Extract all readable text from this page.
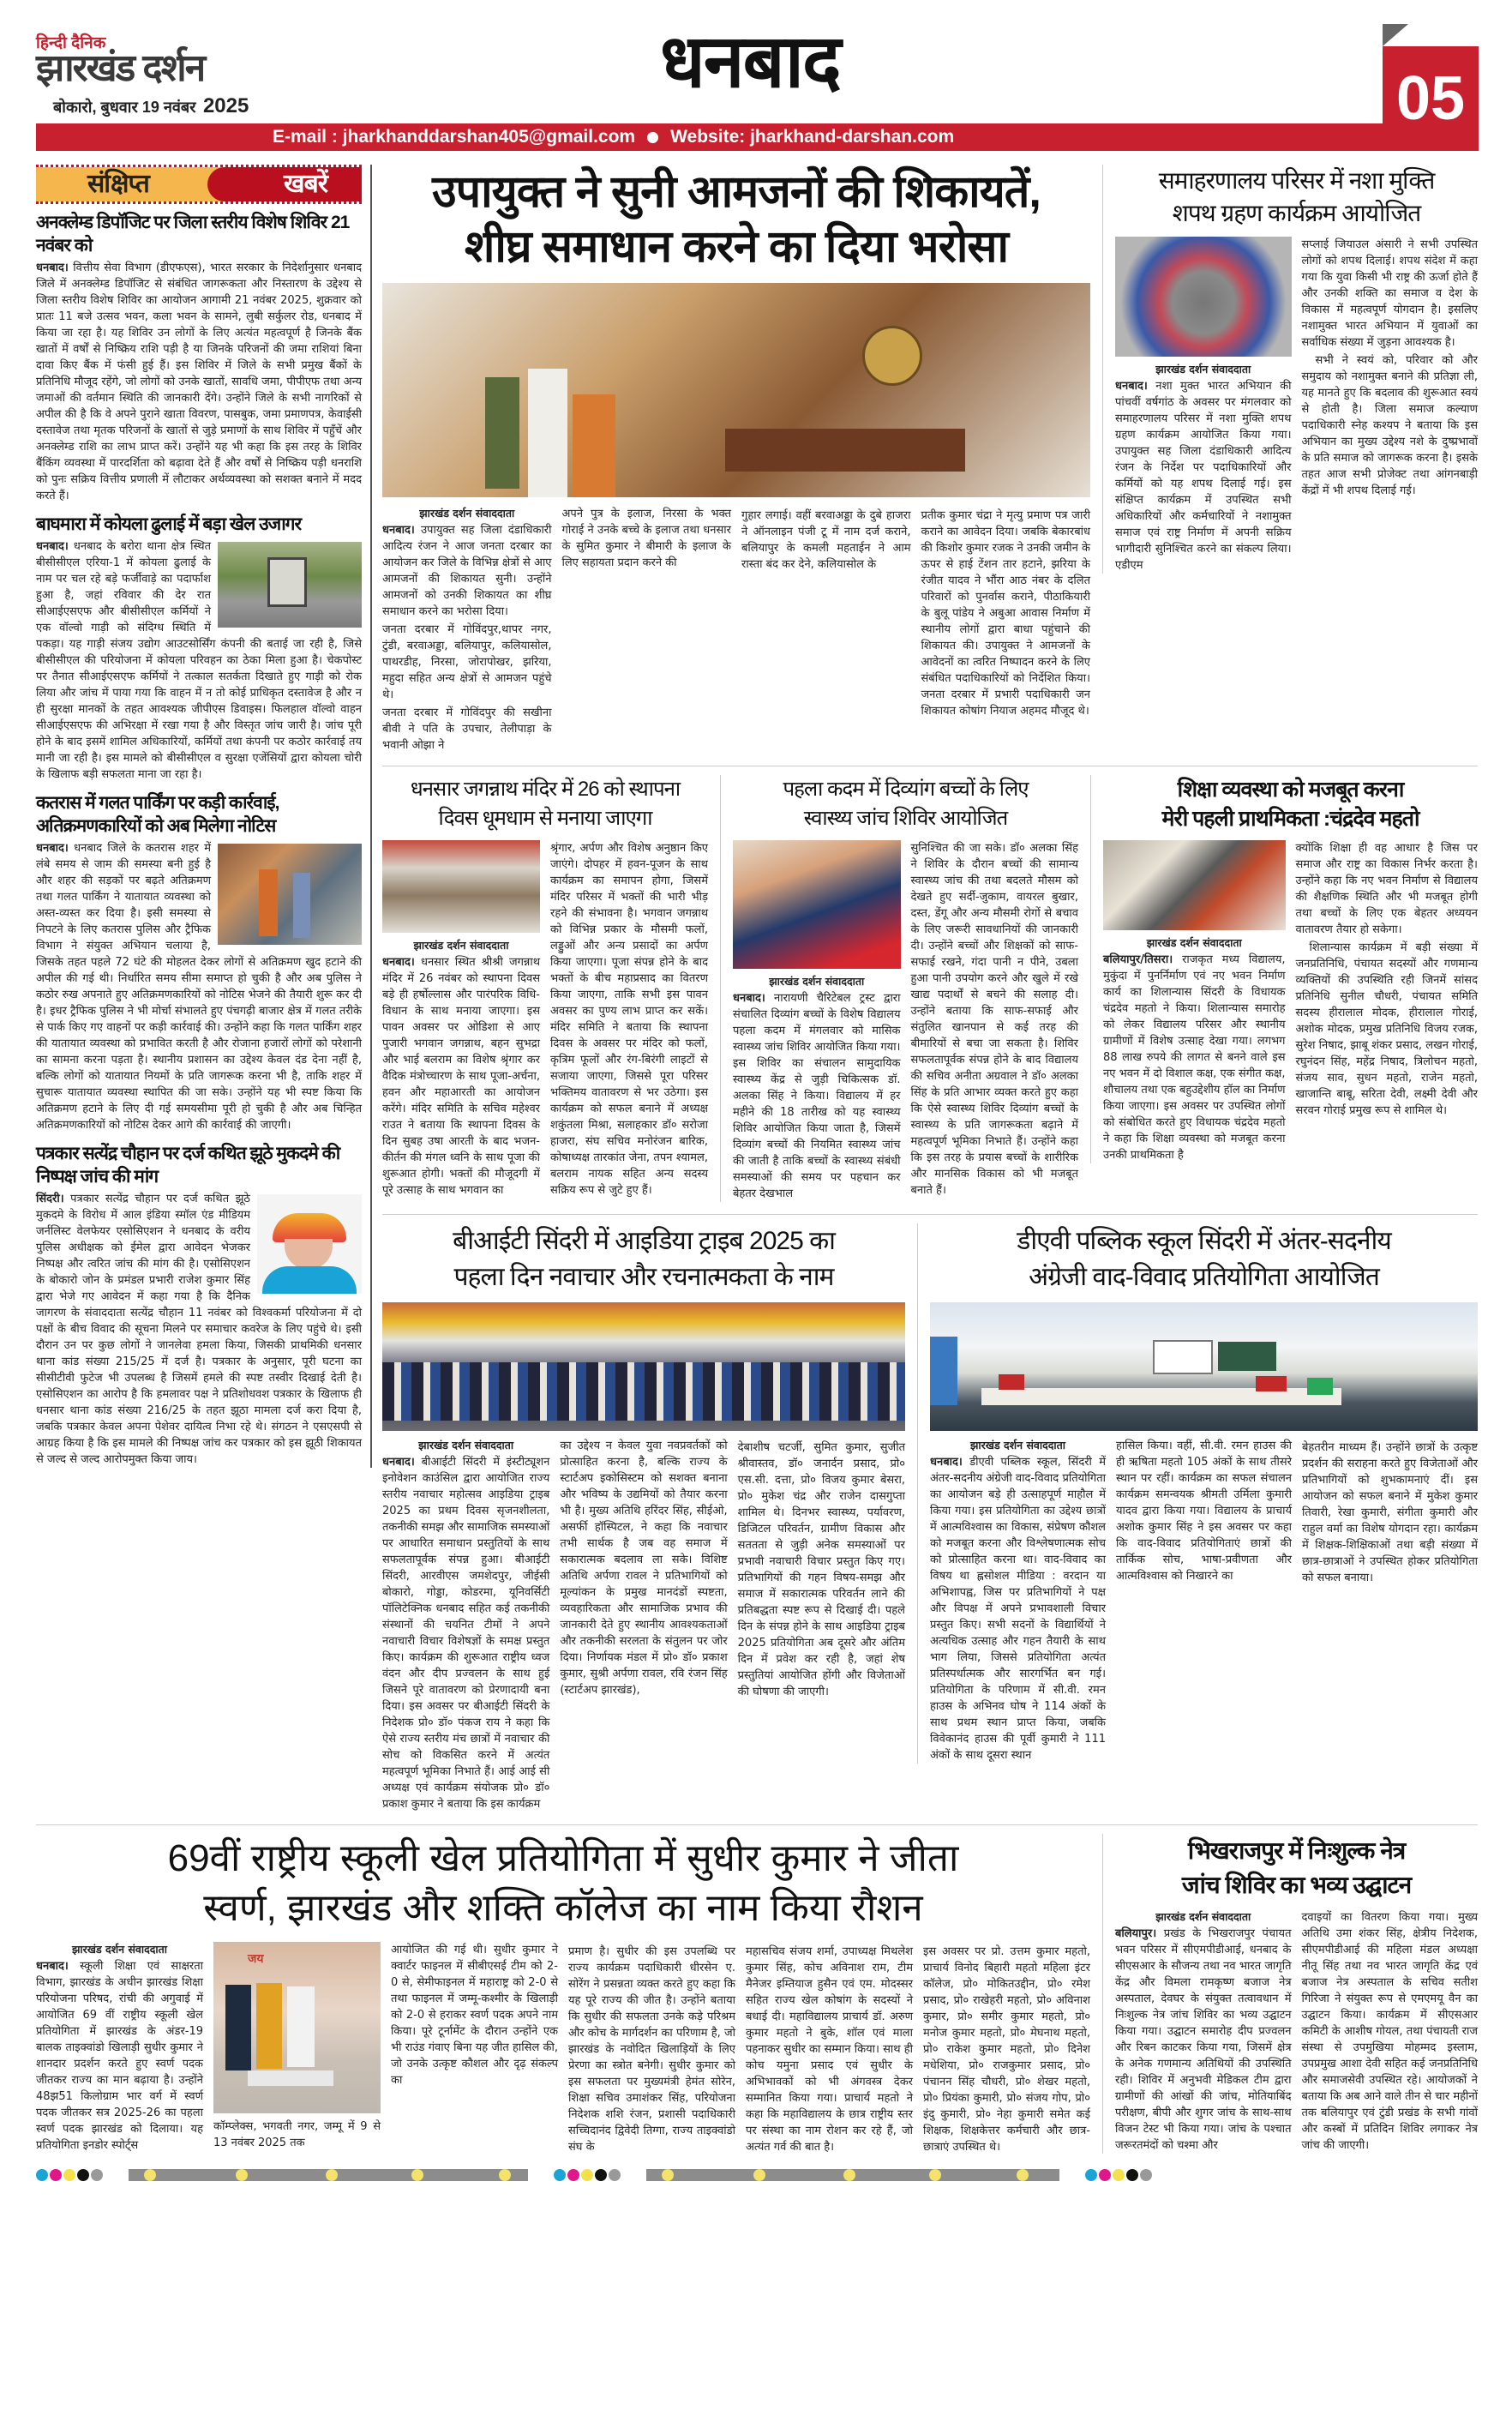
हिन्दी दैनिक
झारखंड दर्शन
बोकारो, बुधवार 19 नवंबर 2025
धनबाद
E-mail : jharkhanddarshan405@gmail.com Website: jharkhand-darshan.com
05
संक्षिप्त	खबरें
अनक्लेम्ड डिपॉजिट पर जिला स्तरीय विशेष शिविर 21 नवंबर को
धनबाद। वित्तीय सेवा विभाग (डीएफएस), भारत सरकार के निदेर्शानुसार धनबाद जिले में अनक्लेम्ड डिपॉजिट से संबंधित जागरूकता और निस्तारण के उद्देश्य से जिला स्तरीय विशेष शिविर का आयोजन आगामी 21 नवंबर 2025, शुक्रवार को प्रातः 11 बजे उत्सव भवन, कला भवन के सामने, लुबी सर्कुलर रोड, धनबाद में किया जा रहा है। यह शिविर उन लोगों के लिए अत्यंत महत्वपूर्ण है जिनके बैंक खातों में वर्षों से निष्क्रिय राशि पड़ी है या जिनके परिजनों की जमा राशियां बिना दावा किए बैंक में फंसी हुई हैं। इस शिविर में जिले के सभी प्रमुख बैंकों के प्रतिनिधि मौजूद रहेंगे, जो लोगों को उनके खातों, सावधि जमा, पीपीएफ तथा अन्य जमाओं की वर्तमान स्थिति की जानकारी देंगे। उन्होंने जिले के सभी नागरिकों से अपील की है कि वे अपने पुराने खाता विवरण, पासबुक, जमा प्रमाणपत्र, केवाईसी दस्तावेज तथा मृतक परिजनों के खातों से जुड़े प्रमाणों के साथ शिविर में पहुँचें और अनक्लेम्ड राशि का लाभ प्राप्त करें। उन्होंने यह भी कहा कि इस तरह के शिविर बैंकिंग व्यवस्था में पारदर्शिता को बढ़ावा देते हैं और वर्षों से निष्क्रिय पड़ी धनराशि को पुनः सक्रिय वित्तीय प्रणाली में लौटाकर अर्थव्यवस्था को सशक्त बनाने में मदद करते हैं।
बाघमारा में कोयला ढुलाई में बड़ा खेल उजागर
धनबाद। धनबाद के बरोरा थाना क्षेत्र स्थित बीसीसीएल एरिया-1 में कोयला ढुलाई के नाम पर चल रहे बड़े फर्जीवाड़े का पदार्फाश हुआ है, जहां रविवार की देर रात सीआईएसएफ और बीसीसीएल कर्मियों ने एक वॉल्वो गाड़ी को संदिग्ध स्थिति में पकड़ा। यह गाड़ी संजय उद्योग आउटसोर्सिंग कंपनी की बताई जा रही है, जिसे बीसीसीएल की परियोजना में कोयला परिवहन का ठेका मिला हुआ है। चेकपोस्ट पर तैनात सीआईएसएफ कर्मियों ने तत्काल सतर्कता दिखाते हुए गाड़ी को रोक लिया और जांच में पाया गया कि वाहन में न तो कोई प्राधिकृत दस्तावेज है और न ही सुरक्षा मानकों के तहत आवश्यक जीपीएस डिवाइस। फिलहाल वॉल्वो वाहन सीआईएसएफ की अभिरक्षा में रखा गया है और विस्तृत जांच जारी है। जांच पूरी होने के बाद इसमें शामिल अधिकारियों, कर्मियों तथा कंपनी पर कठोर कार्रवाई तय मानी जा रही है। इस मामले को बीसीसीएल व सुरक्षा एजेंसियों द्वारा कोयला चोरी के खिलाफ बड़ी सफलता माना जा रहा है।
कतरास में गलत पार्किंग पर कड़ी कार्रवाई, अतिक्रमणकारियों को अब मिलेगा नोटिस
धनबाद। धनबाद जिले के कतरास शहर में लंबे समय से जाम की समस्या बनी हुई है और शहर की सड़कों पर बढ़ते अतिक्रमण तथा गलत पार्किंग ने यातायात व्यवस्था को अस्त-व्यस्त कर दिया है। इसी समस्या से निपटने के लिए कतरास पुलिस और ट्रैफिक विभाग ने संयुक्त अभियान चलाया है, जिसके तहत पहले 72 घंटे की मोहलत देकर लोगों से अतिक्रमण खुद हटाने की अपील की गई थी। निर्धारित समय सीमा समाप्त हो चुकी है और अब पुलिस ने कठोर रुख अपनाते हुए अतिक्रमणकारियों को नोटिस भेजने की तैयारी शुरू कर दी है। इधर ट्रैफिक पुलिस ने भी मोर्चा संभालते हुए पंचगढ़ी बाजार क्षेत्र में गलत तरीके से पार्क किए गए वाहनों पर कड़ी कार्रवाई की। उन्होंने कहा कि गलत पार्किंग शहर की यातायात व्यवस्था को प्रभावित करती है और रोजाना हजारों लोगों को परेशानी का सामना करना पड़ता है। स्थानीय प्रशासन का उद्देश्य केवल दंड देना नहीं है, बल्कि लोगों को यातायात नियमों के प्रति जागरूक करना भी है, ताकि शहर में सुचारू यातायात व्यवस्था स्थापित की जा सके। उन्होंने यह भी स्पष्ट किया कि अतिक्रमण हटाने के लिए दी गई समयसीमा पूरी हो चुकी है और अब चिन्हित अतिक्रमणकारियों को नोटिस देकर आगे की कार्रवाई की जाएगी।
पत्रकार सत्येंद्र चौहान पर दर्ज कथित झूठे मुकदमे की निष्पक्ष जांच की मांग
सिंदरी। पत्रकार सत्येंद्र चौहान पर दर्ज कथित झूठे मुकदमे के विरोध में आल इंडिया स्मॉल एंड मीडियम जर्नलिस्ट वेलफेयर एसोसिएशन ने धनबाद के वरीय पुलिस अधीक्षक को ईमेल द्वारा आवेदन भेजकर निष्पक्ष और त्वरित जांच की मांग की है। एसोसिएशन के बोकारो जोन के प्रमंडल प्रभारी राजेश कुमार सिंह द्वारा भेजे गए आवेदन में कहा गया है कि दैनिक जागरण के संवाददाता सत्येंद्र चौहान 11 नवंबर को विश्वकर्मा परियोजना में दो पक्षों के बीच विवाद की सूचना मिलने पर समाचार कवरेज के लिए पहुंचे थे। इसी दौरान उन पर कुछ लोगों ने जानलेवा हमला किया, जिसकी प्राथमिकी धनसार थाना कांड संख्या 215/25 में दर्ज है। पत्रकार के अनुसार, पूरी घटना का सीसीटीवी फुटेज भी उपलब्ध है जिसमें हमले की स्पष्ट तस्वीर दिखाई देती है। एसोसिएशन का आरोप है कि हमलावर पक्ष ने प्रतिशोधवश पत्रकार के खिलाफ ही धनसार थाना कांड संख्या 216/25 के तहत झूठा मामला दर्ज करा दिया है, जबकि पत्रकार केवल अपना पेशेवर दायित्व निभा रहे थे। संगठन ने एसएसपी से आग्रह किया है कि इस मामले की निष्पक्ष जांच कर पत्रकार को इस झूठी शिकायत से जल्द से जल्द आरोपमुक्त किया जाय।
उपायुक्त ने सुनी आमजनों की शिकायतें,
शीघ्र समाधान करने का दिया भरोसा
झारखंड दर्शन संवाददाता
धनबाद। उपायुक्त सह जिला दंडाधिकारी आदित्य रंजन ने आज जनता दरबार का आयोजन कर जिले के विभिन्न क्षेत्रों से आए आमजनों की शिकायत सुनी। उन्होंने आमजनों को उनकी शिकायत का शीघ्र समाधान करने का भरोसा दिया।
जनता दरबार में गोविंदपुर,थापर नगर, टुंडी, बरवाअड्डा, बलियापुर, कलियासोल, पाथरडीह, निरसा, जोरापोखर, झरिया, महुदा सहित अन्य क्षेत्रों से आमजन पहुंचे थे।
जनता दरबार में गोविंदपुर की सखीना बीवी ने पति के उपचार, तेलीपाड़ा के भवानी ओझा ने
अपने पुत्र के इलाज, निरसा के भक्त गोराई ने उनके बच्चे के इलाज तथा धनसार के सुमित कुमार ने बीमारी के इलाज के लिए सहायता प्रदान करने की
गुहार लगाई। वहीं बरवाअड्डा के दुबे हाजरा ने ऑनलाइन पंजी टू में नाम दर्ज कराने, बलियापुर के कमली महताईन ने आम रास्ता बंद कर देने, कलियासोल के
प्रतीक कुमार चंद्रा ने मृत्यु प्रमाण पत्र जारी कराने का आवेदन दिया। जबकि बेकारबांध की किशोर कुमार रजक ने उनकी जमीन के ऊपर से हाई टेंशन तार हटाने, झरिया के रंजीत यादव ने भौंरा आठ नंबर के दलित परिवारों को पुनर्वास कराने, पीठाकियारी के बुलू पांडेय ने अबुआ आवास निर्माण में स्थानीय लोगों द्वारा बाधा पहुंचाने की शिकायत की। उपायुक्त ने आमजनों के आवेदनों का त्वरित निष्पादन करने के लिए संबंधित पदाधिकारियों को निर्देशित किया। जनता दरबार में प्रभारी पदाधिकारी जन शिकायत कोषांग नियाज अहमद मौजूद थे।
समाहरणालय परिसर में नशा मुक्ति
शपथ ग्रहण कार्यक्रम आयोजित
झारखंड दर्शन संवाददाता
धनबाद। नशा मुक्त भारत अभियान की पांचवीं वर्षगांठ के अवसर पर मंगलवार को समाहरणालय परिसर में नशा मुक्ति शपथ ग्रहण कार्यक्रम आयोजित किया गया। उपायुक्त सह जिला दंडाधिकारी आदित्य रंजन के निर्देश पर पदाधिकारियों और कर्मियों को यह शपथ दिलाई गई। इस संक्षिप्त कार्यक्रम में उपस्थित सभी अधिकारियों और कर्मचारियों ने नशामुक्त समाज एवं राष्ट्र निर्माण में अपनी सक्रिय भागीदारी सुनिश्चित करने का संकल्प लिया। एडीएम
सप्लाई जियाउल अंसारी ने सभी उपस्थित लोगों को शपथ दिलाई। शपथ संदेश में कहा गया कि युवा किसी भी राष्ट्र की ऊर्जा होते हैं और उनकी शक्ति का समाज व देश के विकास में महत्वपूर्ण योगदान है। इसलिए नशामुक्त भारत अभियान में युवाओं का सर्वाधिक संख्या में जुड़ना आवश्यक है।
सभी ने स्वयं को, परिवार को और समुदाय को नशामुक्त बनाने की प्रतिज्ञा ली, यह मानते हुए कि बदलाव की शुरूआत स्वयं से होती है। जिला समाज कल्याण पदाधिकारी स्नेह कश्यप ने बताया कि इस अभियान का मुख्य उद्देश्य नशे के दुष्प्रभावों के प्रति समाज को जागरूक करना है। इसके तहत आज सभी प्रोजेक्ट तथा आंगनबाड़ी केंद्रों में भी शपथ दिलाई गई।
धनसार जगन्नाथ मंदिर में 26 को स्थापना
दिवस धूमधाम से मनाया जाएगा
झारखंड दर्शन संवाददाता
धनबाद। धनसार स्थित श्रीश्री जगन्नाथ मंदिर में 26 नवंबर को स्थापना दिवस बड़े ही हर्षोल्लास और पारंपरिक विधि-विधान के साथ मनाया जाएगा। इस पावन अवसर पर ओडिशा से आए पुजारी भगवान जगन्नाथ, बहन सुभद्रा और भाई बलराम का विशेष श्रृंगार कर वैदिक मंत्रोच्चारण के साथ पूजा-अर्चना, हवन और महाआरती का आयोजन करेंगे। मंदिर समिति के सचिव महेश्वर राउत ने बताया कि स्थापना दिवस के दिन सुबह उषा आरती के बाद भजन-कीर्तन की मंगल ध्वनि के साथ पूजा की शुरूआत होगी। भक्तों की मौजूदगी में पूरे उत्साह के साथ भगवान का
श्रृंगार, अर्पण और विशेष अनुष्ठान किए जाएंगे। दोपहर में हवन-पूजन के साथ कार्यक्रम का समापन होगा, जिसमें मंदिर परिसर में भक्तों की भारी भीड़ रहने की संभावना है। भगवान जगन्नाथ को विभिन्न प्रकार के मौसमी फलों, लड्डुओं और अन्य प्रसादों का अर्पण किया जाएगा। पूजा संपन्न होने के बाद भक्तों के बीच महाप्रसाद का वितरण किया जाएगा, ताकि सभी इस पावन अवसर का पुण्य लाभ प्राप्त कर सकें। मंदिर समिति ने बताया कि स्थापना दिवस के अवसर पर मंदिर को फलों, कृत्रिम फूलों और रंग-बिरंगी लाइटों से सजाया जाएगा, जिससे पूरा परिसर भक्तिमय वातावरण से भर उठेगा। इस कार्यक्रम को सफल बनाने में अध्यक्ष शकुंतला मिश्रा, सलाहकार डॉ० सरोजा हाजरा, संघ सचिव मनोरंजन बारिक, कोषाध्यक्ष तारकांत जेना, तपन श्यामल, बलराम नायक सहित अन्य सदस्य सक्रिय रूप से जुटे हुए हैं।
पहला कदम में दिव्यांग बच्चों के लिए
स्वास्थ्य जांच शिविर आयोजित
झारखंड दर्शन संवाददाता
धनबाद। नारायणी चैरिटेबल ट्रस्ट द्वारा संचालित दिव्यांग बच्चों के विशेष विद्यालय पहला कदम में मंगलवार को मासिक स्वास्थ्य जांच शिविर आयोजित किया गया। इस शिविर का संचालन सामुदायिक स्वास्थ्य केंद्र से जुड़ी चिकित्सक डॉ. अलका सिंह ने किया। विद्यालय में हर महीने की 18 तारीख को यह स्वास्थ्य शिविर आयोजित किया जाता है, जिसमें दिव्यांग बच्चों की नियमित स्वास्थ्य जांच की जाती है ताकि बच्चों के स्वास्थ्य संबंधी समस्याओं की समय पर पहचान कर बेहतर देखभाल
सुनिश्चित की जा सके। डॉ० अलका सिंह ने शिविर के दौरान बच्चों की सामान्य स्वास्थ्य जांच की तथा बदलते मौसम को देखते हुए सर्दी-जुकाम, वायरल बुखार, दस्त, डेंगू और अन्य मौसमी रोगों से बचाव के लिए जरूरी सावधानियों की जानकारी दी। उन्होंने बच्चों और शिक्षकों को साफ-सफाई रखने, गंदा पानी न पीने, उबला हुआ पानी उपयोग करने और खुले में रखे खाद्य पदार्थों से बचने की सलाह दी। उन्होंने बताया कि साफ-सफाई और संतुलित खानपान से कई तरह की बीमारियों से बचा जा सकता है। शिविर सफलतापूर्वक संपन्न होने के बाद विद्यालय की सचिव अनीता अग्रवाल ने डॉ० अलका सिंह के प्रति आभार व्यक्त करते हुए कहा कि ऐसे स्वास्थ्य शिविर दिव्यांग बच्चों के स्वास्थ्य के प्रति जागरूकता बढ़ाने में महत्वपूर्ण भूमिका निभाते हैं। उन्होंने कहा कि इस तरह के प्रयास बच्चों के शारीरिक और मानसिक विकास को भी मजबूत बनाते हैं।
शिक्षा व्यवस्था को मजबूत करना
मेरी पहली प्राथमिकता :चंद्रदेव महतो
झारखंड दर्शन संवाददाता
बलियापुर/तिसरा। राजकृत मध्य विद्यालय, मुकुंदा में पुनर्निर्माण एवं नए भवन निर्माण कार्य का शिलान्यास सिंदरी के विधायक चंद्रदेव महतो ने किया। शिलान्यास समारोह को लेकर विद्यालय परिसर और स्थानीय ग्रामीणों में विशेष उत्साह देखा गया। लगभग 88 लाख रुपये की लागत से बनने वाले इस नए भवन में दो विशाल कक्ष, एक संगीत कक्ष, शौचालय तथा एक बहुउद्देशीय हॉल का निर्माण किया जाएगा। इस अवसर पर उपस्थित लोगों को संबोधित करते हुए विधायक चंद्रदेव महतो ने कहा कि शिक्षा व्यवस्था को मजबूत करना उनकी प्राथमिकता है
क्योंकि शिक्षा ही वह आधार है जिस पर समाज और राष्ट्र का विकास निर्भर करता है। उन्होंने कहा कि नए भवन निर्माण से विद्यालय की शैक्षणिक स्थिति और भी मजबूत होगी तथा बच्चों के लिए एक बेहतर अध्ययन वातावरण तैयार हो सकेगा।
शिलान्यास कार्यक्रम में बड़ी संख्या में जनप्रतिनिधि, पंचायत सदस्यों और गणमान्य व्यक्तियों की उपस्थिति रही जिनमें सांसद प्रतिनिधि सुनील चौधरी, पंचायत समिति सदस्य हीरालाल मोदक, हीरालाल गोराई, अशोक मोदक, प्रमुख प्रतिनिधि विजय रजक, सुरेश निषाद, झाबू शंकर प्रसाद, लखन गोराई, रघुनंदन सिंह, महेंद्र निषाद, त्रिलोचन महतो, संजय साव, सुधन महतो, राजेन महतो, खाजान्ति बाबू, सरिता देवी, लक्ष्मी देवी और सरवन गोराई प्रमुख रूप से शामिल थे।
बीआईटी सिंदरी में आइडिया ट्राइब 2025 का
पहला दिन नवाचार और रचनात्मकता के नाम
झारखंड दर्शन संवाददाता
धनबाद। बीआईटी सिंदरी में इंस्टीट्यूशन इनोवेशन काउंसिल द्वारा आयोजित राज्य स्तरीय नवाचार महोत्सव आइडिया ट्राइब 2025 का प्रथम दिवस सृजनशीलता, तकनीकी समझ और सामाजिक समस्याओं पर आधारित समाधान प्रस्तुतियों के साथ सफलतापूर्वक संपन्न हुआ। बीआईटी सिंदरी, आरवीएस जमशेदपुर, जीईसी बोकारो, गोड्डा, कोडरमा, यूनिवर्सिटी पॉलिटेक्निक धनबाद सहित कई तकनीकी संस्थानों की चयनित टीमों ने अपने नवाचारी विचार विशेषज्ञों के समक्ष प्रस्तुत किए। कार्यक्रम की शुरूआत राष्ट्रीय ध्वज वंदन और दीप प्रज्वलन के साथ हुई जिसने पूरे वातावरण को प्रेरणादायी बना दिया। इस अवसर पर बीआईटी सिंदरी के निदेशक प्रो० डॉ० पंकज राय ने कहा कि ऐसे राज्य स्तरीय मंच छात्रों में नवाचार की सोच को विकसित करने में अत्यंत महत्वपूर्ण भूमिका निभाते हैं। आई आई सी अध्यक्ष एवं कार्यक्रम संयोजक प्रो० डॉ० प्रकाश कुमार ने बताया कि इस कार्यक्रम
का उद्देश्य न केवल युवा नवप्रवर्तकों को प्रोत्साहित करना है, बल्कि राज्य के स्टार्टअप इकोसिस्टम को सशक्त बनाना और भविष्य के उद्यमियों को तैयार करना भी है। मुख्य अतिथि हरिंदर सिंह, सीईओ, असर्फी हॉस्पिटल, ने कहा कि नवाचार तभी सार्थक है जब वह समाज में सकारात्मक बदलाव ला सके। विशिष्ट अतिथि अर्पणा रावल ने प्रतिभागियों को मूल्यांकन के प्रमुख मानदंडों स्पष्टता, व्यवहारिकता और सामाजिक प्रभाव की जानकारी देते हुए स्थानीय आवश्यकताओं और तकनीकी सरलता के संतुलन पर जोर दिया। निर्णायक मंडल में प्रो० डॉ० प्रकाश कुमार, सुश्री अर्पणा रावल, रवि रंजन सिंह (स्टार्टअप झारखंड),
देबाशीष चटर्जी, सुमित कुमार, सुजीत श्रीवास्तव, डॉ० जनार्दन प्रसाद, प्रो० एस.सी. दत्ता, प्रो० विजय कुमार बेसरा, प्रो० मुकेश चंद्र और राजेन दासगुप्ता शामिल थे। दिनभर स्वास्थ्य, पर्यावरण, डिजिटल परिवर्तन, ग्रामीण विकास और सततता से जुड़ी अनेक समस्याओं पर प्रभावी नवाचारी विचार प्रस्तुत किए गए। प्रतिभागियों की गहन विषय-समझ और समाज में सकारात्मक परिवर्तन लाने की प्रतिबद्धता स्पष्ट रूप से दिखाई दी। पहले दिन के संपन्न होने के साथ आइडिया ट्राइब 2025 प्रतियोगिता अब दूसरे और अंतिम दिन में प्रवेश कर रही है, जहां शेष प्रस्तुतियां आयोजित होंगी और विजेताओं की घोषणा की जाएगी।
डीएवी पब्लिक स्कूल सिंदरी में अंतर-सदनीय
अंग्रेजी वाद-विवाद प्रतियोगिता आयोजित
झारखंड दर्शन संवाददाता
धनबाद। डीएवी पब्लिक स्कूल, सिंदरी में अंतर-सदनीय अंग्रेजी वाद-विवाद प्रतियोगिता का आयोजन बड़े ही उत्साहपूर्ण माहौल में किया गया। इस प्रतियोगिता का उद्देश्य छात्रों में आत्मविश्वास का विकास, संप्रेषण कौशल को मजबूत करना और विश्लेषणात्मक सोच को प्रोत्साहित करना था। वाद-विवाद का विषय था ह्लसोशल मीडिया : वरदान या अभिशापह्व, जिस पर प्रतिभागियों ने पक्ष और विपक्ष में अपने प्रभावशाली विचार प्रस्तुत किए। सभी सदनों के विद्यार्थियों ने अत्यधिक उत्साह और गहन तैयारी के साथ भाग लिया, जिससे प्रतियोगिता अत्यंत प्रतिस्पर्धात्मक और सारगर्भित बन गई। प्रतियोगिता के परिणाम में सी.वी. रमन हाउस के अभिनव घोष ने 114 अंकों के साथ प्रथम स्थान प्राप्त किया, जबकि विवेकानंद हाउस की पूर्वी कुमारी ने 111 अंकों के साथ दूसरा स्थान
हासिल किया। वहीं, सी.वी. रमन हाउस की ही ऋषिता महतो 105 अंकों के साथ तीसरे स्थान पर रहीं। कार्यक्रम का सफल संचालन कार्यक्रम समन्वयक श्रीमती उर्मिला कुमारी यादव द्वारा किया गया। विद्यालय के प्राचार्य अशोक कुमार सिंह ने इस अवसर पर कहा कि वाद-विवाद प्रतियोगिताएं छात्रों की तार्किक सोच, भाषा-प्रवीणता और आत्मविश्वास को निखारने का
बेहतरीन माध्यम हैं। उन्होंने छात्रों के उत्कृष्ट प्रदर्शन की सराहना करते हुए विजेताओं और प्रतिभागियों को शुभकामनाएं दीं। इस आयोजन को सफल बनाने में मुकेश कुमार तिवारी, रेखा कुमारी, संगीता कुमारी और राहुल वर्मा का विशेष योगदान रहा। कार्यक्रम में शिक्षक-शिक्षिकाओं तथा बड़ी संख्या में छात्र-छात्राओं ने उपस्थित होकर प्रतियोगिता को सफल बनाया।
69वीं राष्ट्रीय स्कूली खेल प्रतियोगिता में सुधीर कुमार ने जीता
स्वर्ण, झारखंड और शक्ति कॉलेज का नाम किया रौशन
झारखंड दर्शन संवाददाता
धनबाद। स्कूली शिक्षा एवं साक्षरता विभाग, झारखंड के अधीन झारखंड शिक्षा परियोजना परिषद, रांची की अगुवाई में आयोजित 69 वीं राष्ट्रीय स्कूली खेल प्रतियोगिता में झारखंड के अंडर-19 बालक ताइक्वांडो खिलाड़ी सुधीर कुमार ने शानदार प्रदर्शन करते हुए स्वर्ण पदक जीतकर राज्य का मान बढ़ाया है। उन्होंने 48झ51 किलोग्राम भार वर्ग में स्वर्ण पदक जीतकर सत्र 2025-26 का पहला स्वर्ण पदक झारखंड को दिलाया। यह प्रतियोगिता इनडोर स्पोर्ट्स
जय
कॉम्प्लेक्स, भगवती नगर, जम्मू में 9 से 13 नवंबर 2025 तक
आयोजित की गई थी। सुधीर कुमार ने क्वार्टर फाइनल में सीबीएसई टीम को 2-0 से, सेमीफाइनल में महाराष्ट्र को 2-0 से तथा फाइनल में जम्मू-कश्मीर के खिलाड़ी को 2-0 से हराकर स्वर्ण पदक अपने नाम किया। पूरे टूर्नामेंट के दौरान उन्होंने एक भी राउंड गंवाए बिना यह जीत हासिल की, जो उनके उत्कृष्ट कौशल और दृढ़ संकल्प का
प्रमाण है। सुधीर की इस उपलब्धि पर राज्य कार्यक्रम पदाधिकारी धीरसेन ए. सोरेंग ने प्रसन्नता व्यक्त करते हुए कहा कि यह पूरे राज्य की जीत है। उन्होंने बताया कि सुधीर की सफलता उनके कड़े परिश्रम और कोच के मार्गदर्शन का परिणाम है, जो झारखंड के नवोदित खिलाड़ियों के लिए प्रेरणा का स्त्रोत बनेगी। सुधीर कुमार को इस सफलता पर मुख्यमंत्री हेमंत सोरेन, शिक्षा सचिव उमाशंकर सिंह, परियोजना निदेशक शशि रंजन, प्रशासी पदाधिकारी सच्चिदानंद द्विवेदी तिग्गा, राज्य ताइक्वांडो संघ के
महासचिव संजय शर्मा, उपाध्यक्ष मिथलेश कुमार सिंह, कोच अविनाश राम, टीम मैनेजर इम्तियाज हुसैन एवं एम. मोदस्सर सहित राज्य खेल कोषांग के सदस्यों ने बधाई दी। महाविद्यालय प्राचार्य डॉ. अरुण कुमार महतो ने बुके, शॉल एवं माला पहनाकर सुधीर का सम्मान किया। साथ ही कोच यमुना प्रसाद एवं सुधीर के अभिभावकों को भी अंगवस्त्र देकर सम्मानित किया गया। प्राचार्य महतो ने कहा कि महाविद्यालय के छात्र राष्ट्रीय स्तर पर संस्था का नाम रोशन कर रहे हैं, जो अत्यंत गर्व की बात है।
इस अवसर पर प्रो. उत्तम कुमार महतो, प्राचार्य विनोद बिहारी महतो महिला इंटर कॉलेज, प्रो० मोकितउद्दीन, प्रो० रमेश प्रसाद, प्रो० राखेहरी महतो, प्रो० अविनाश कुमार, प्रो० समीर कुमार महतो, प्रो० मनोज कुमार महतो, प्रो० मेघनाथ महतो, प्रो० राकेश कुमार महतो, प्रो० दिनेश मधेशिया, प्रो० राजकुमार प्रसाद, प्रो० पंचानन सिंह चौधरी, प्रो० शेखर महतो, प्रो० प्रियंका कुमारी, प्रो० संजय गोप, प्रो० इंदु कुमारी, प्रो० नेहा कुमारी समेत कई शिक्षक, शिक्षकेत्तर कर्मचारी और छात्र- छात्राएं उपस्थित थे।
भिखराजपुर में निःशुल्क नेत्र
जांच शिविर का भव्य उद्घाटन
झारखंड दर्शन संवाददाता
बलियापुर। प्रखंड के भिखराजपुर पंचायत भवन परिसर में सीएमपीडीआई, धनबाद के सीएसआर के सौजन्य तथा नव भारत जागृति केंद्र और विमला रामकृष्ण बजाज नेत्र अस्पताल, देवघर के संयुक्त तत्वावधान में निःशुल्क नेत्र जांच शिविर का भव्य उद्घाटन किया गया। उद्घाटन समारोह दीप प्रज्वलन और रिबन काटकर किया गया, जिसमें क्षेत्र के अनेक गणमान्य अतिथियों की उपस्थिति रही। शिविर में अनुभवी मेडिकल टीम द्वारा ग्रामीणों की आंखों की जांच, मोतियाबिंद परीक्षण, बीपी और शुगर जांच के साथ-साथ विजन टेस्ट भी किया गया। जांच के पश्चात जरूरतमंदों को चश्मा और
दवाइयों का वितरण किया गया। मुख्य अतिथि उमा शंकर सिंह, क्षेत्रीय निदेशक, सीएमपीडीआई की महिला मंडल अध्यक्षा नीतू सिंह तथा नव भारत जागृति केंद्र एवं बजाज नेत्र अस्पताल के सचिव सतीश गिरिजा ने संयुक्त रूप से एमएमयू वैन का उद्घाटन किया। कार्यक्रम में सीएसआर कमिटी के आशीष गोयल, तथा पंचायती राज संस्था से उपमुखिया मोहम्मद इस्लाम, उपप्रमुख आशा देवी सहित कई जनप्रतिनिधि और समाजसेवी उपस्थित रहे। आयोजकों ने बताया कि अब आने वाले तीन से चार महीनों तक बलियापुर एवं टुंडी प्रखंड के सभी गांवों और कस्बों में प्रतिदिन शिविर लगाकर नेत्र जांच की जाएगी।
